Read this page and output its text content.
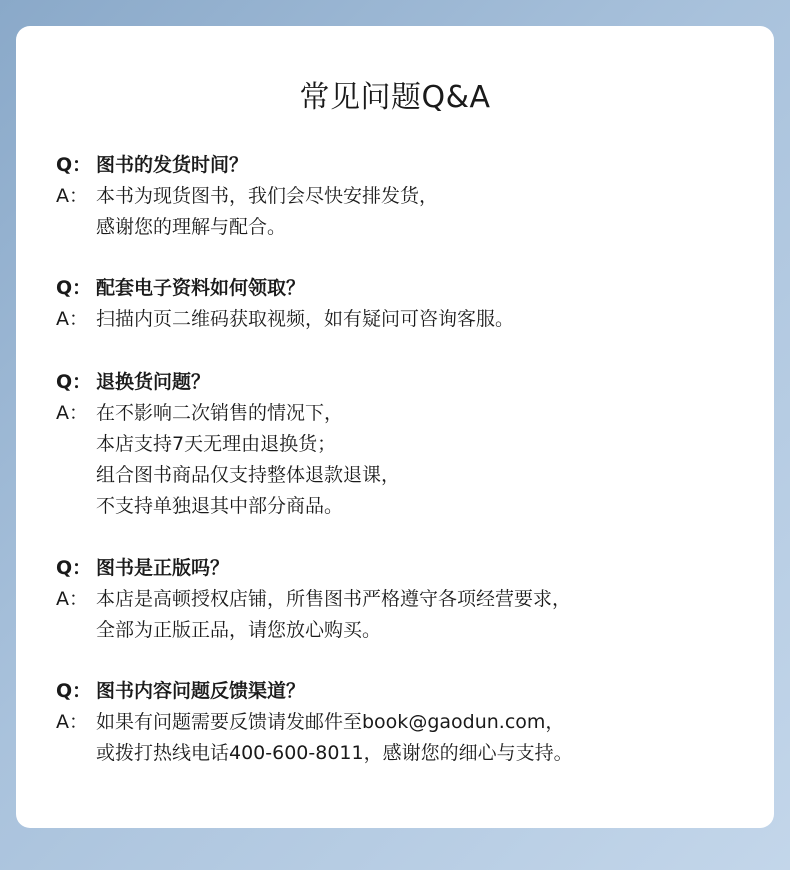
常见问题Q&A
Q： 图书的发货时间？
A： 本书为现货图书，我们会尽快安排发货，
感谢您的理解与配合。
Q： 配套电子资料如何领取？
A： 扫描内页二维码获取视频，如有疑问可咨询客服。
Q： 退换货问题？
A： 在不影响二次销售的情况下，
本店支持7天无理由退换货；
组合图书商品仅支持整体退款退课，
不支持单独退其中部分商品。
Q： 图书是正版吗？
A： 本店是高顿授权店铺，所售图书严格遵守各项经营要求，
全部为正版正品，请您放心购买。
Q： 图书内容问题反馈渠道？
A： 如果有问题需要反馈请发邮件至book@gaodun.com，
或拨打热线电话400-600-8011，感谢您的细心与支持。
